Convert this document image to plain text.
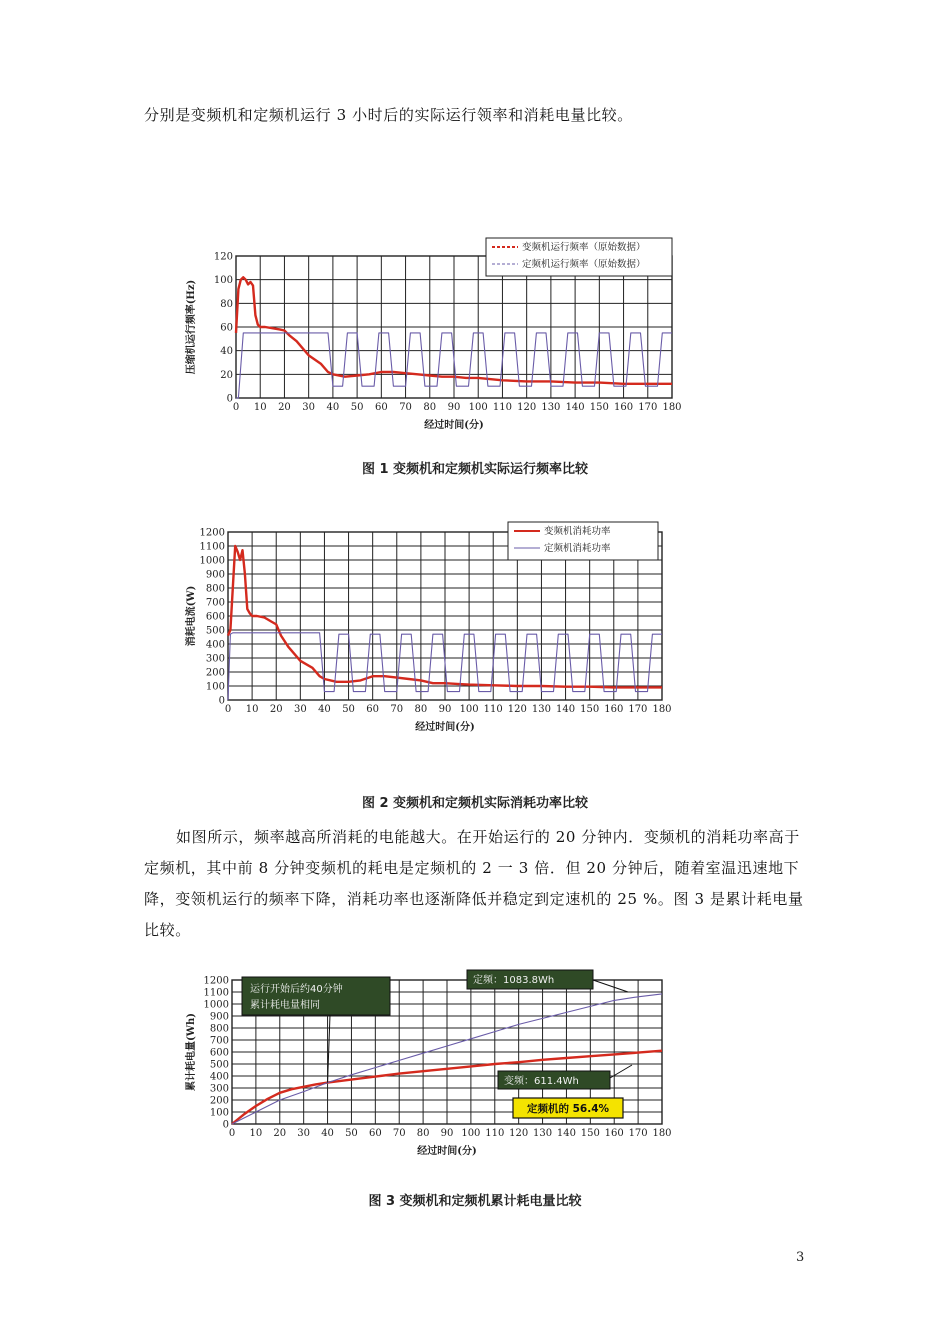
分别是变频机和定频机运行 3 小时后的实际运行领率和消耗电量比较。

0 10 20 30 40 50 60 70 80 90 100 110 120 130 140 150 160 170 180
0
20
40
60
80
100
120
经过时间(分)
压缩机运行频率(Hz)
变频机运行频率（原始数据）
定频机运行频率（原始数据）
图 1 变频机和定频机实际运行频率比较
0 10 20 30 40 50 60 70 80 90 100 110 120 130 140 150 160 170 180
0
100
200
300
400
500
600
700
800
900
1000
1100
1200
经过时间(分)
消耗电流(W)
变频机消耗功率
定频机消耗功率
图 2 变频机和定频机实际消耗功率比较

如图所示，频率越高所消耗的电能越大。在开始运行的 20 分钟内．变频机的消耗功率高于定频机，其中前 8 分钟变频机的耗电是定频机的 2 一 3 倍．但 20 分钟后，随着室温迅速地下降，变领机运行的频率下降，消耗功率也逐渐降低并稳定到定速机的 25 %。图 3 是累计耗电量比较。

0 10 20 30 40 50 60 70 80 90 100 110 120 130 140 150 160 170 180
0
100
200
300
400
500
600
700
800
900
1000
1100
1200
经过时间(分)
累计耗电量(Wh)
运行开始后约40分钟
累计耗电量相同
定频：1083.8Wh
变频：611.4Wh
定频机的 56.4%
图 3 变频机和定频机累计耗电量比较
3
